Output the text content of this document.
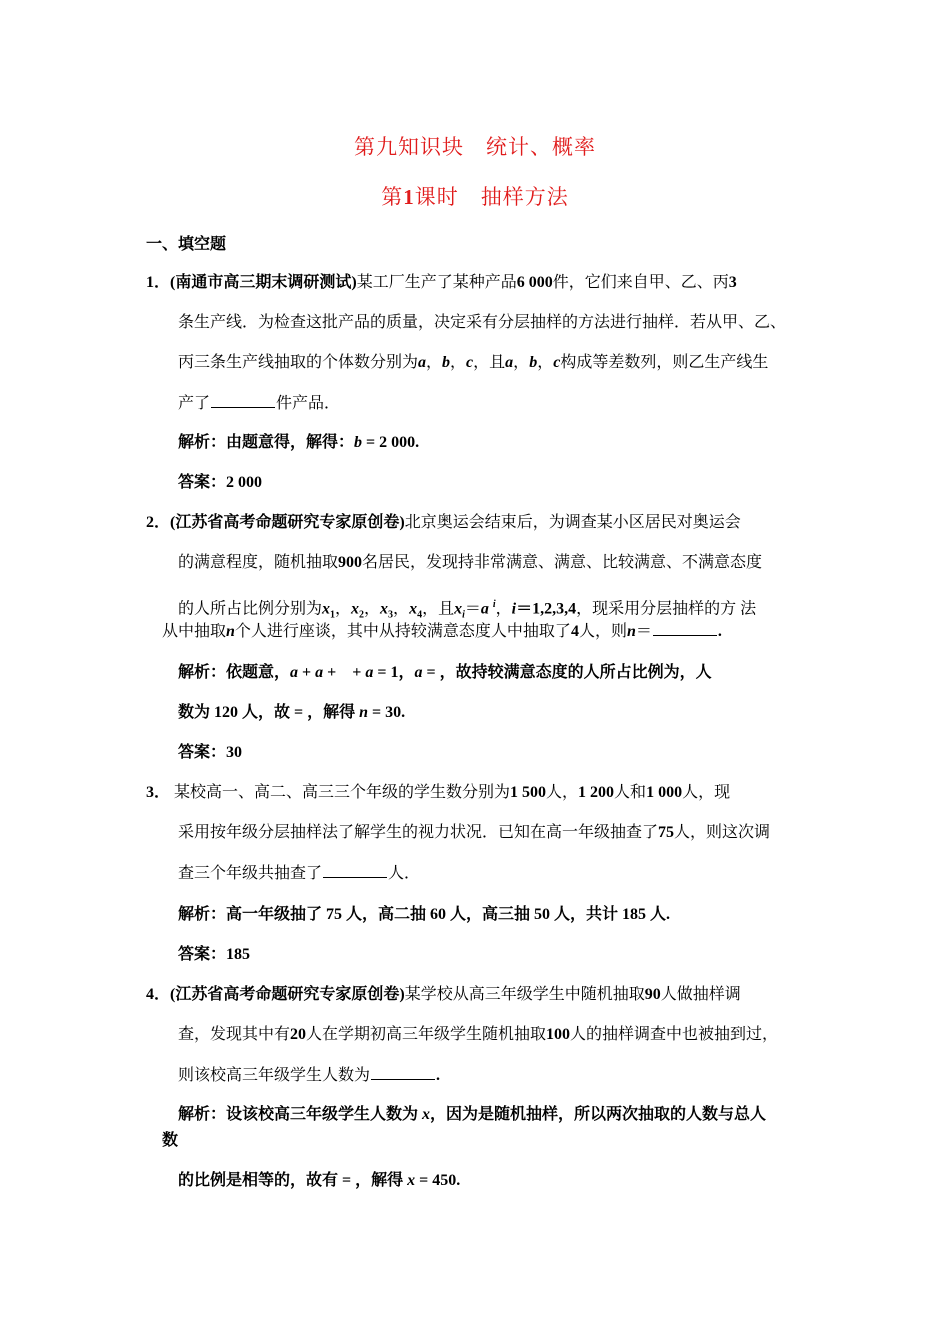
第九知识块　统计、概率
第1课时　抽样方法
一、填空题
1．(南通市高三期末调研测试)某工厂生产了某种产品6 000件，它们来自甲、乙、丙3
条生产线．为检查这批产品的质量，决定采有分层抽样的方法进行抽样．若从甲、乙、
丙三条生产线抽取的个体数分别为a，b，c，且a，b，c构成等差数列，则乙生产线生
产了	件产品．
解析：由题意得，解得：b = 2 000.
答案：2 000
2．(江苏省高考命题研究专家原创卷)北京奥运会结束后，为调查某小区居民对奥运会
的满意程度，随机抽取900名居民，发现持非常满意、满意、比较满意、不满意态度
的人所占比例分别为$x_1$，$x_2$，$x_3$，$x_4$，且$x_i=a$ $^i$，i＝1,2,3,4，现采用分层抽样的方 法
从中抽取n个人进行座谈，其中从持较满意态度人中抽取了4人，则n＝	.
解析：依题意，a + a +　+ a = 1，a = ，故持较满意态度的人所占比例为，人
数为 120 人，故 = ，解得 n = 30.
答案：30
3． 某校高一、高二、高三三个年级的学生数分别为1 500人，1 200人和1 000人，现
采用按年级分层抽样法了解学生的视力状况．已知在高一年级抽查了75人，则这次调
查三个年级共抽查了	人．
解析：高一年级抽了 75 人，高二抽 60 人，高三抽 50 人，共计 185 人.
答案：185
4．(江苏省高考命题研究专家原创卷)某学校从高三年级学生中随机抽取90人做抽样调
查，发现其中有20人在学期初高三年级学生随机抽取100人的抽样调查中也被抽到过，
则该校高三年级学生人数为	.
解析：设该校高三年级学生人数为 x，因为是随机抽样，所以两次抽取的人数与总人
数
的比例是相等的，故有 = ，解得 x = 450.
